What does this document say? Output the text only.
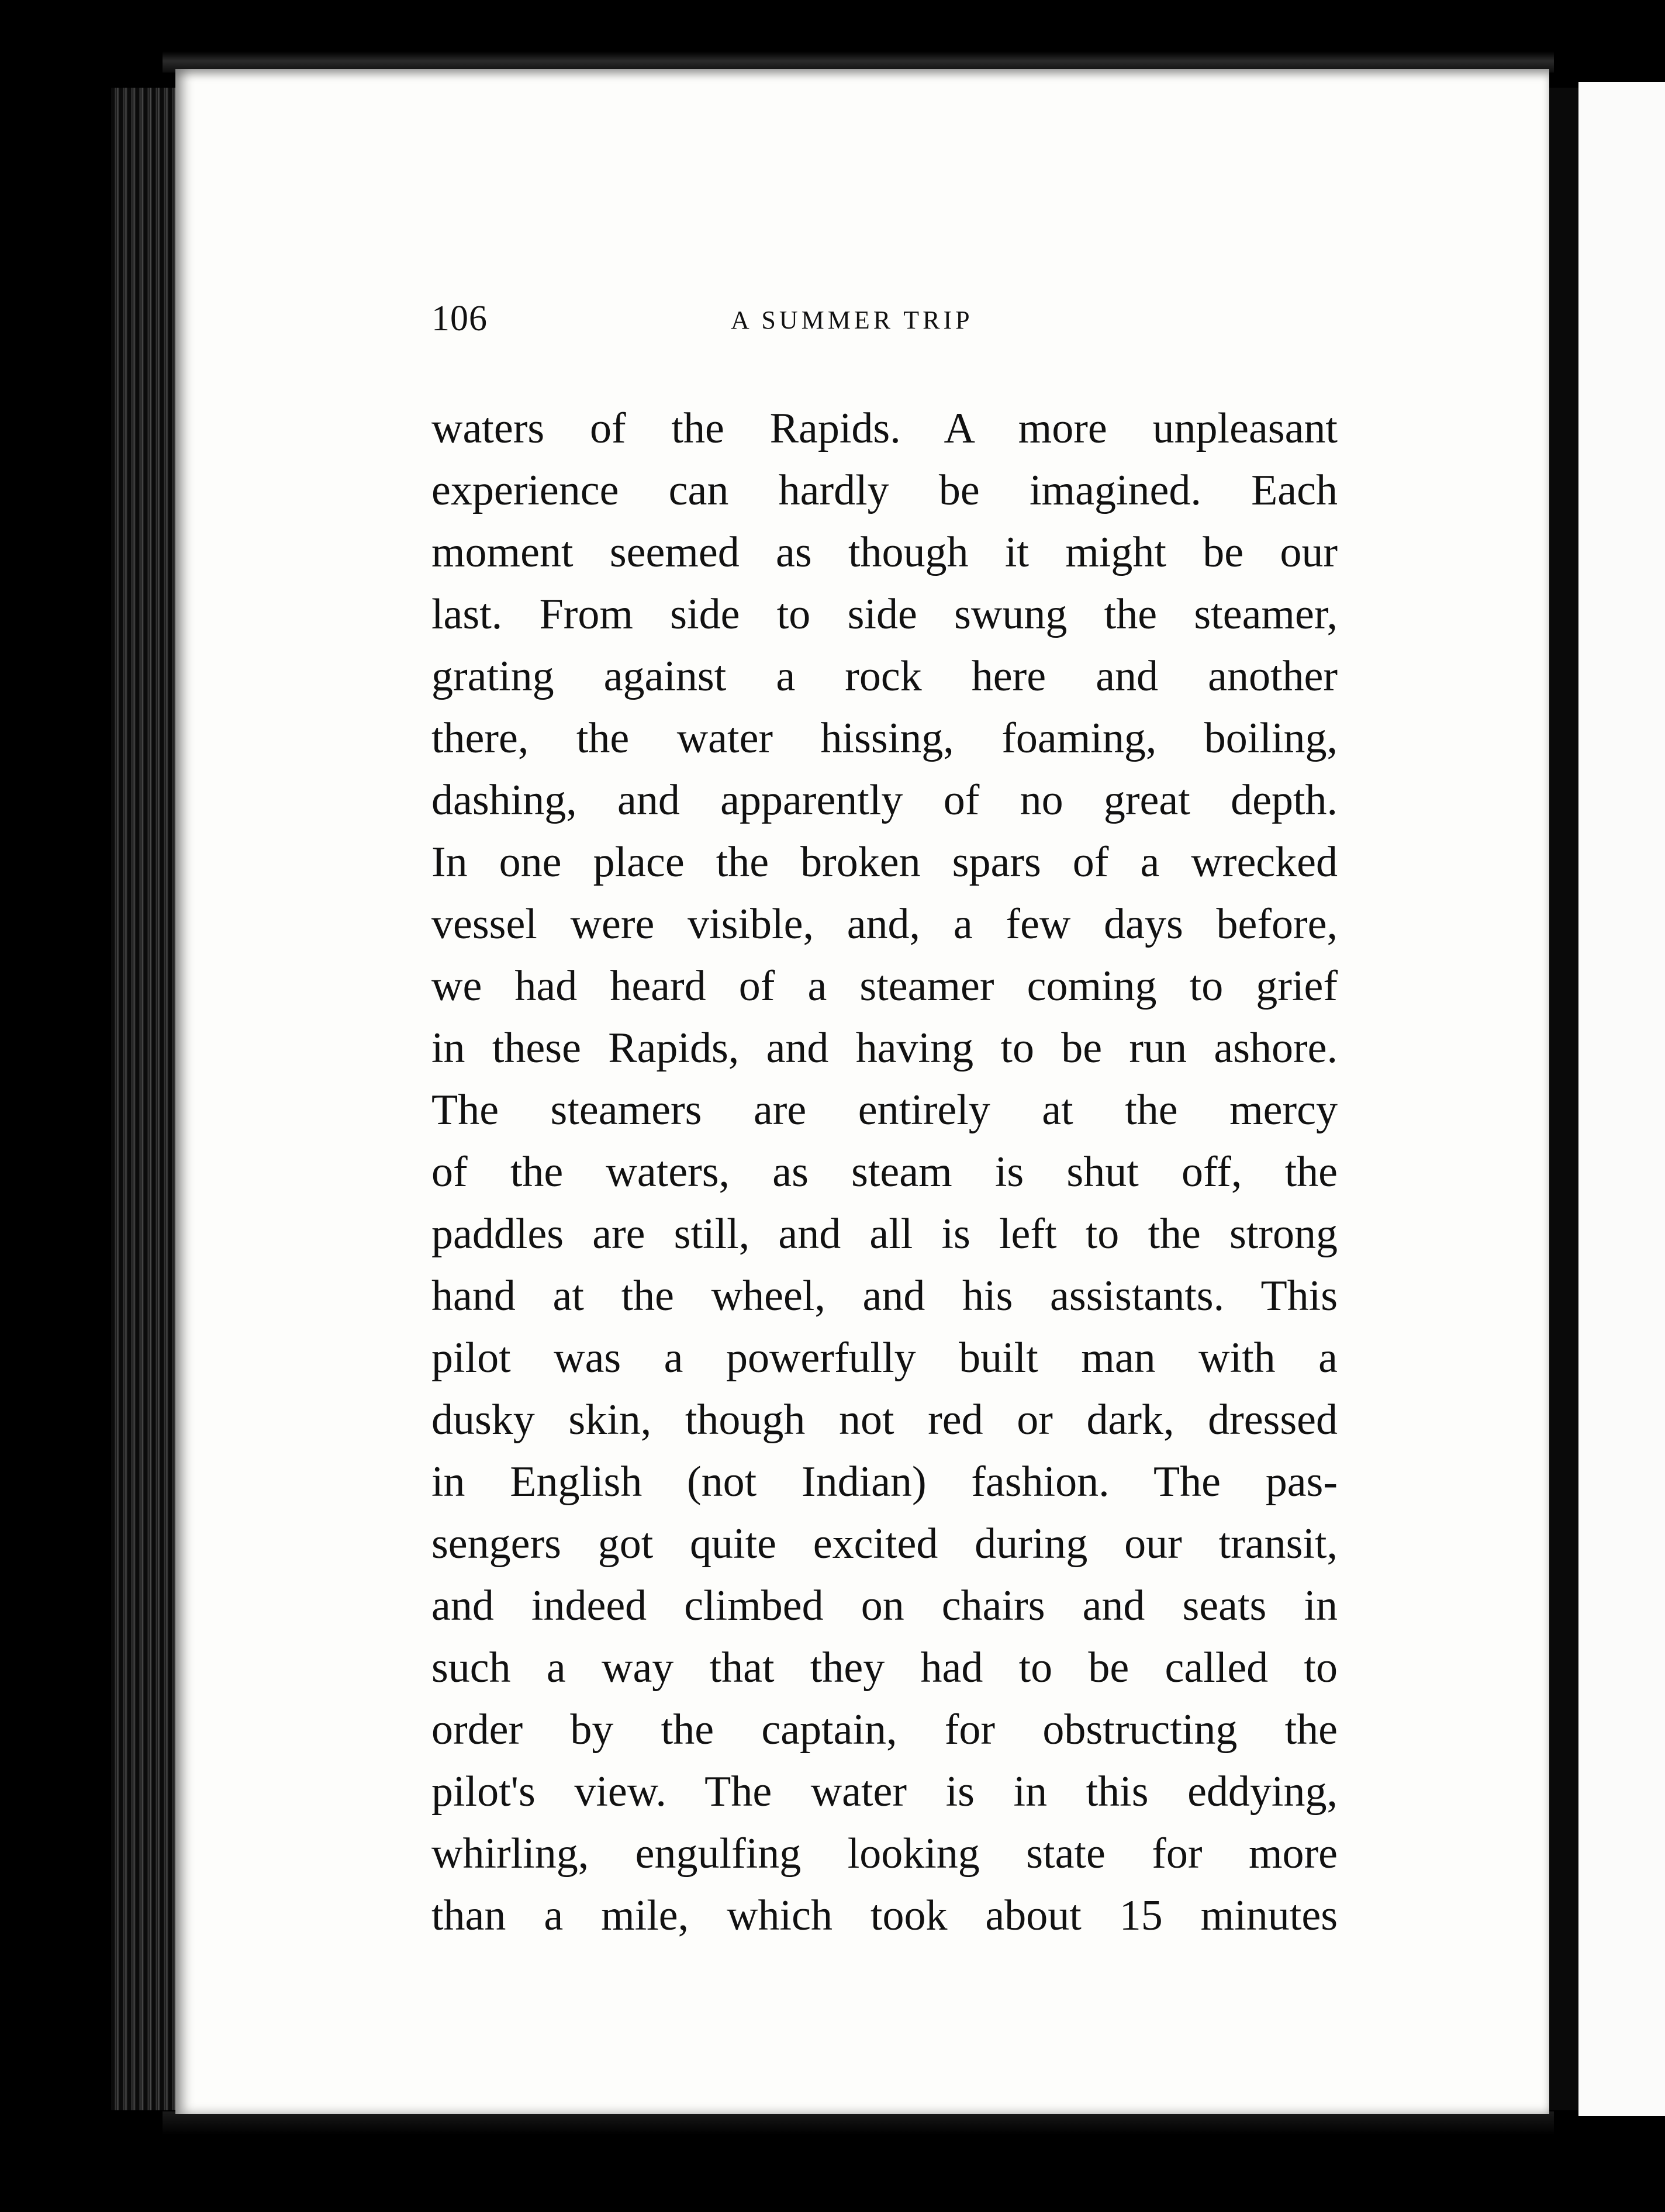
106	A SUMMER TRIP
waters of the Rapids. A more unpleasant
experience can hardly be imagined. Each
moment seemed as though it might be our
last. From side to side swung the steamer,
grating against a rock here and another
there, the water hissing, foaming, boiling,
dashing, and apparently of no great depth.
In one place the broken spars of a wrecked
vessel were visible, and, a few days before,
we had heard of a steamer coming to grief
in these Rapids, and having to be run ashore.
The steamers are entirely at the mercy
of the waters, as steam is shut off, the
paddles are still, and all is left to the strong
hand at the wheel, and his assistants. This
pilot was a powerfully built man with a
dusky skin, though not red or dark, dressed
in English (not Indian) fashion. The pas-
sengers got quite excited during our transit,
and indeed climbed on chairs and seats in
such a way that they had to be called to
order by the captain, for obstructing the
pilot's view. The water is in this eddying,
whirling, engulfing looking state for more
than a mile, which took about 15 minutes
